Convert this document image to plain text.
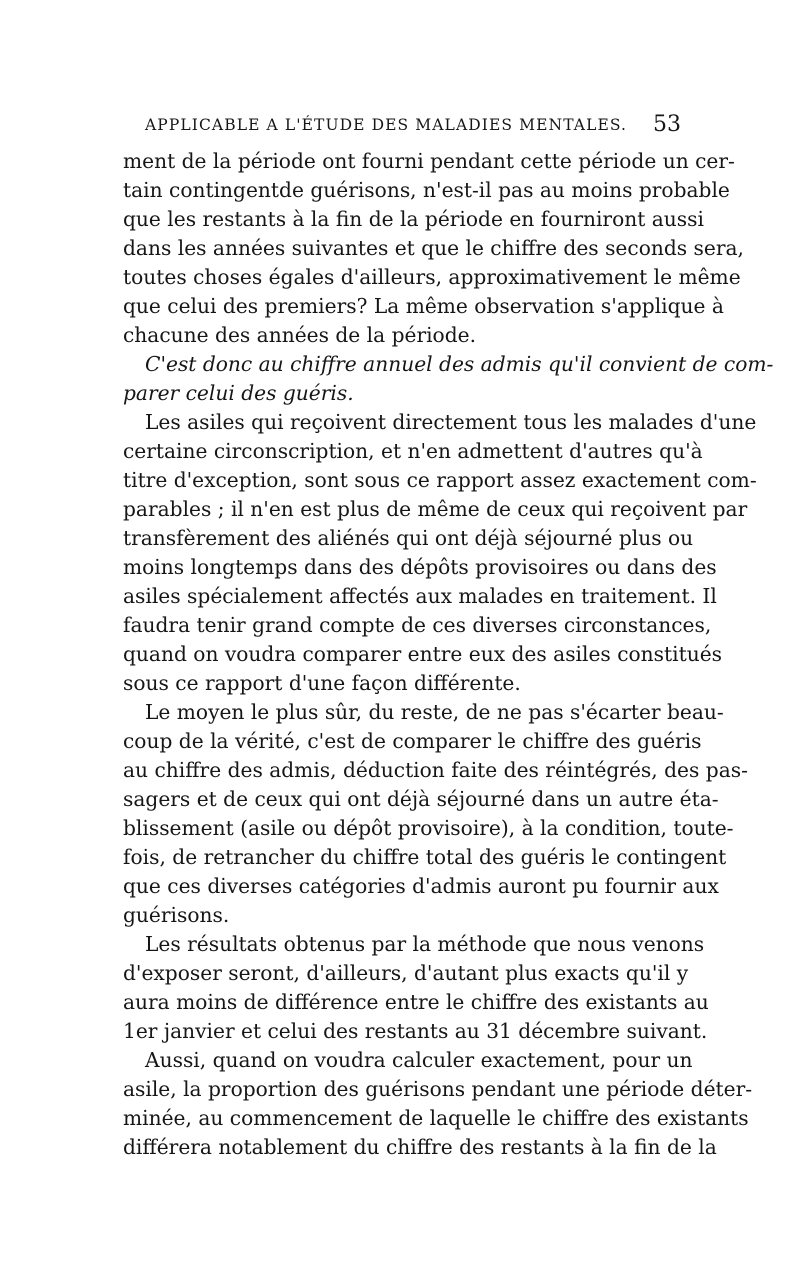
APPLICABLE A L'ÉTUDE DES MALADIES MENTALES. 53
ment de la période ont fourni pendant cette période un cer-
tain contingentde guérisons, n'est-il pas au moins probable
que les restants à la fin de la période en fourniront aussi
dans les années suivantes et que le chiffre des seconds sera,
toutes choses égales d'ailleurs, approximativement le même
que celui des premiers? La même observation s'applique à
chacune des années de la période.
C'est donc au chiffre annuel des admis qu'il convient de com-
parer celui des guéris.
Les asiles qui reçoivent directement tous les malades d'une
certaine circonscription, et n'en admettent d'autres qu'à
titre d'exception, sont sous ce rapport assez exactement com-
parables ; il n'en est plus de même de ceux qui reçoivent par
transfèrement des aliénés qui ont déjà séjourné plus ou
moins longtemps dans des dépôts provisoires ou dans des
asiles spécialement affectés aux malades en traitement. Il
faudra tenir grand compte de ces diverses circonstances,
quand on voudra comparer entre eux des asiles constitués
sous ce rapport d'une façon différente.
Le moyen le plus sûr, du reste, de ne pas s'écarter beau-
coup de la vérité, c'est de comparer le chiffre des guéris
au chiffre des admis, déduction faite des réintégrés, des pas-
sagers et de ceux qui ont déjà séjourné dans un autre éta-
blissement (asile ou dépôt provisoire), à la condition, toute-
fois, de retrancher du chiffre total des guéris le contingent
que ces diverses catégories d'admis auront pu fournir aux
guérisons.
Les résultats obtenus par la méthode que nous venons
d'exposer seront, d'ailleurs, d'autant plus exacts qu'il y
aura moins de différence entre le chiffre des existants au
1er janvier et celui des restants au 31 décembre suivant.
Aussi, quand on voudra calculer exactement, pour un
asile, la proportion des guérisons pendant une période déter-
minée, au commencement de laquelle le chiffre des existants
différera notablement du chiffre des restants à la fin de la
